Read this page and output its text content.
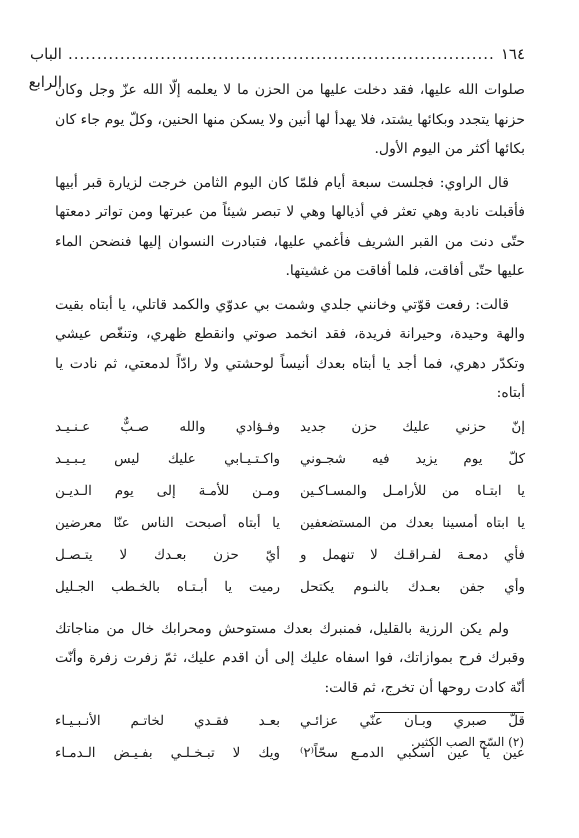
١٦٤
..........................................................................
الباب الرابع

صلوات الله عليها، فقد دخلت عليها من الحزن ما لا يعلمه إلّا الله عزّ وجل وكان حزنها يتجدد وبكائها يشتد، فلا يهدأ لها أنين ولا يسكن منها الحنين، وكلّ يوم جاء كان بكائها أكثر من اليوم الأول.

قال الراوي: فجلست سبعة أيام فلمّا كان اليوم الثامن خرجت لزيارة قبر أبيها فأقبلت نادبة وهي تعثر في أذيالها وهي لا تبصر شيئاً من عبرتها ومن تواتر دمعتها حتّى دنت من القبر الشريف فأغمي عليها، فتبادرت النسوان إليها فنضحن الماء عليها حتّى أفاقت، فلما أفاقت من غشيتها.

قالت: رفعت قوّتي وخانني جلدي وشمت بي عدوّي والكمد قاتلي، يا أبتاه بقيت والهة وحيدة، وحيرانة فريدة، فقد انخمد صوتي وانقطع ظهري، وتنغّص عيشي وتكدّر دهري، فما أجد يا أبتاه بعدك أنيساً لوحشتي ولا رادّاً لدمعتي، ثم نادت يا أبتاه:

إنّ حزني عليك حزن جديد
وفـؤادي والله صـبٌّ عـنـيـد
كلّ يوم يزيد فيه شجـوني
واكـتـيـابي عليك ليس يـبـيـد
يا ابتـاه من للأرامـل والمسـاكـين
ومـن للأمـة إلى يوم الـديـن
يا ابتاه أمسينا بعدك من المستضعفين
يا أبتاه أصبحت الناس عنّا معرضين
فأي دمعـة لفـراقـك لا تنهمل و
أيّ حزن بعـدك لا يتـصـل
وأي جفن بعـدك بالنـوم يكتحل
رميت يا أبـتـاه بالخـطب الجـليل

ولم يكن الرزية بالقليل، فمنبرك بعدك مستوحش ومحرابك خال من مناجاتك وقبرك فرح بموازاتك، فوا اسفاه عليك إلى أن اقدم عليك، ثمّ زفرت زفرة وأنّت أنّة كادت روحها أن تخرج، ثم قالت:

قلّ صبري وبـان عنّي عزائـي
بعـد فقـدي لخاتـم الأنـبـيـاء
عين يا عين اسكبي الدمـع سحّاً⁽٢⁾
ويك لا تبـخـلـي بفـيـض الـدمـاء
(٢) السّح الصب الكثير.
